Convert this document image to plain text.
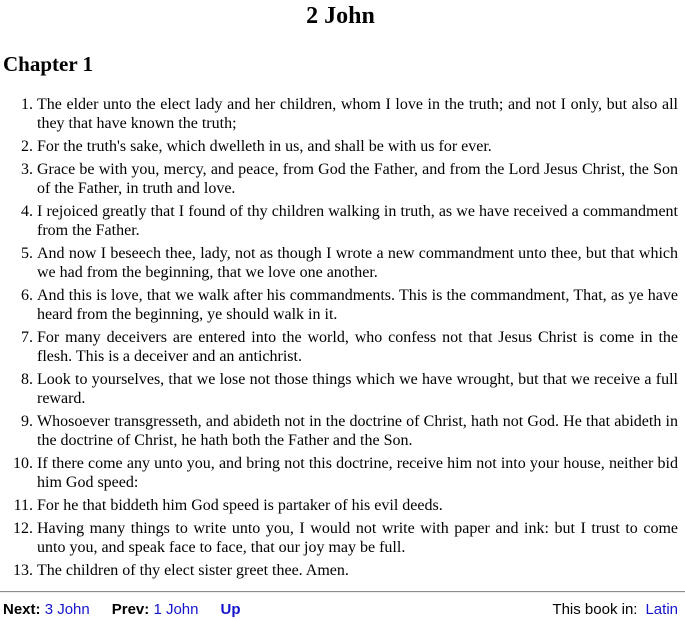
2 John
Chapter 1
1. The elder unto the elect lady and her children, whom I love in the truth; and not I only, but also all they that have known the truth;
2. For the truth's sake, which dwelleth in us, and shall be with us for ever.
3. Grace be with you, mercy, and peace, from God the Father, and from the Lord Jesus Christ, the Son of the Father, in truth and love.
4. I rejoiced greatly that I found of thy children walking in truth, as we have received a commandment from the Father.
5. And now I beseech thee, lady, not as though I wrote a new commandment unto thee, but that which we had from the beginning, that we love one another.
6. And this is love, that we walk after his commandments. This is the commandment, That, as ye have heard from the beginning, ye should walk in it.
7. For many deceivers are entered into the world, who confess not that Jesus Christ is come in the flesh. This is a deceiver and an antichrist.
8. Look to yourselves, that we lose not those things which we have wrought, but that we receive a full reward.
9. Whosoever transgresseth, and abideth not in the doctrine of Christ, hath not God. He that abideth in the doctrine of Christ, he hath both the Father and the Son.
10. If there come any unto you, and bring not this doctrine, receive him not into your house, neither bid him God speed:
11. For he that biddeth him God speed is partaker of his evil deeds.
12. Having many things to write unto you, I would not write with paper and ink: but I trust to come unto you, and speak face to face, that our joy may be full.
13. The children of thy elect sister greet thee. Amen.
Next: 3 John Prev: 1 John Up	This book in: Latin
